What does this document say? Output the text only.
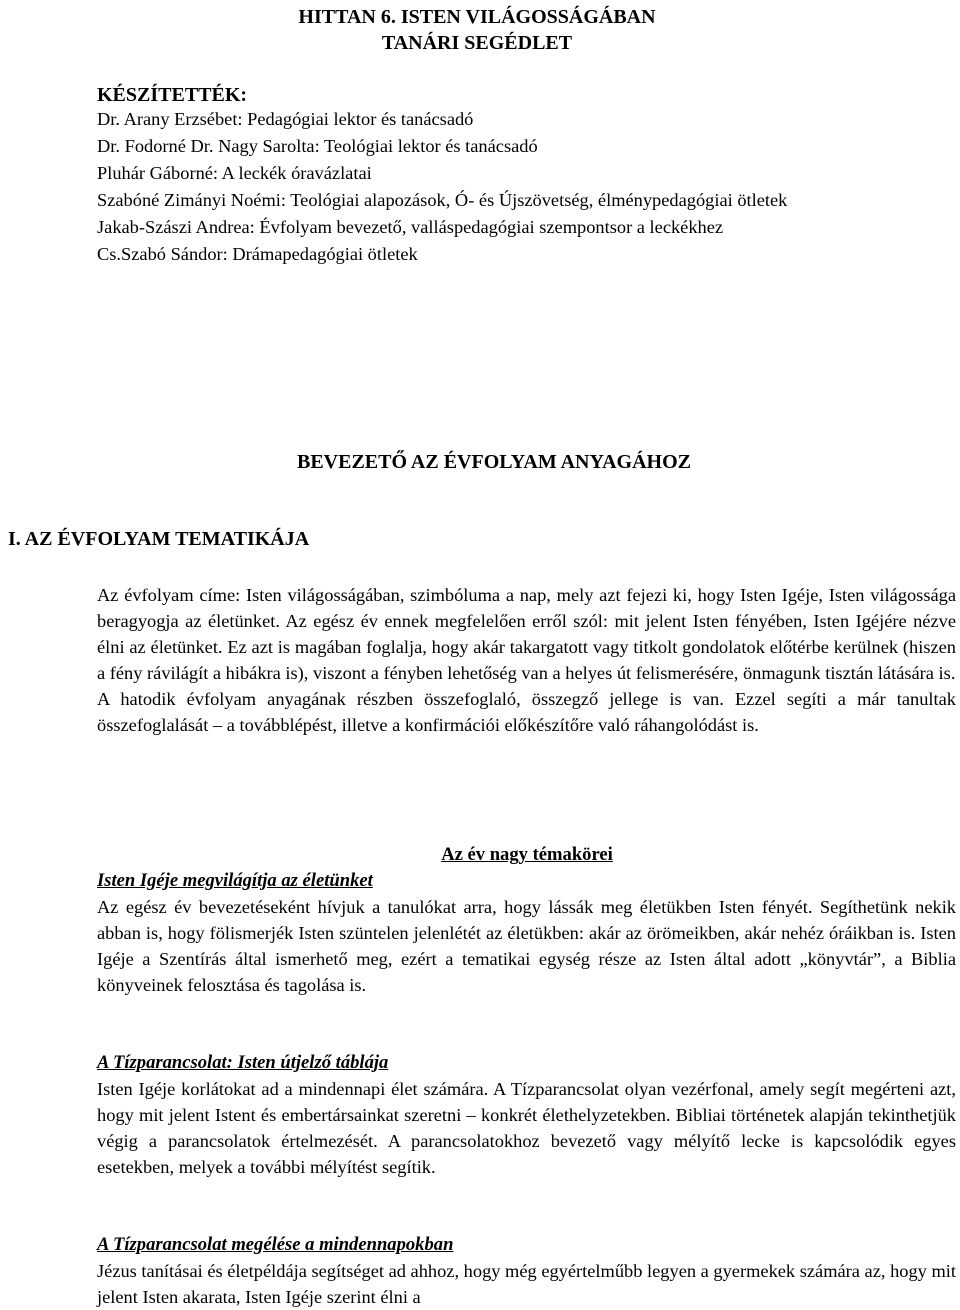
HITTAN 6. ISTEN VILÁGOSSÁGÁBAN
TANÁRI SEGÉDLET
KÉSZÍTETTÉK:
Dr. Arany Erzsébet: Pedagógiai lektor és tanácsadó
Dr. Fodorné Dr. Nagy Sarolta: Teológiai lektor és tanácsadó
Pluhár Gáborné: A leckék óravázlatai
Szabóné Zimányi Noémi: Teológiai alapozások, Ó- és Újszövetség, élménypedagógiai ötletek
Jakab-Szászi Andrea: Évfolyam bevezető, valláspedagógiai szempontsor a leckékhez
Cs.Szabó Sándor: Drámapedagógiai ötletek
BEVEZETŐ AZ ÉVFOLYAM ANYAGÁHOZ
I. AZ ÉVFOLYAM TEMATIKÁJA

Az évfolyam címe: Isten világosságában, szimbóluma a nap, mely azt fejezi ki, hogy Isten Igéje, Isten világossága beragyogja az életünket. Az egész év ennek megfelelően erről szól: mit jelent Isten fényében, Isten Igéjére nézve élni az életünket. Ez azt is magában foglalja, hogy akár takargatott vagy titkolt gondolatok előtérbe kerülnek (hiszen a fény rávilágít a hibákra is), viszont a fényben lehetőség van a helyes út felismerésére, önmagunk tisztán látására is.

A hatodik évfolyam anyagának részben összefoglaló, összegző jellege is van. Ezzel segíti a már tanultak összefoglalását – a továbblépést, illetve a konfirmációi előkészítőre való ráhangolódást is.

Az év nagy témakörei
Isten Igéje megvilágítja az életünket

Az egész év bevezetéseként hívjuk a tanulókat arra, hogy lássák meg életükben Isten fényét. Segíthetünk nekik abban is, hogy fölismerjék Isten szüntelen jelenlétét az életükben: akár az örömeikben, akár nehéz óráikban is. Isten Igéje a Szentírás által ismerhető meg, ezért a tematikai egység része az Isten által adott „könyvtár”, a Biblia könyveinek felosztása és tagolása is.

A Tízparancsolat: Isten útjelző táblája

Isten Igéje korlátokat ad a mindennapi élet számára. A Tízparancsolat olyan vezérfonal, amely segít megérteni azt, hogy mit jelent Istent és embertársainkat szeretni – konkrét élethelyzetekben. Bibliai történetek alapján tekinthetjük végig a parancsolatok értelmezését. A parancsolatokhoz bevezető vagy mélyítő lecke is kapcsolódik egyes esetekben, melyek a további mélyítést segítik.

A Tízparancsolat megélése a mindennapokban

Jézus tanításai és életpéldája segítséget ad ahhoz, hogy még egyértelműbb legyen a gyermekek számára az, hogy mit jelent Isten akarata, Isten Igéje szerint élni a
